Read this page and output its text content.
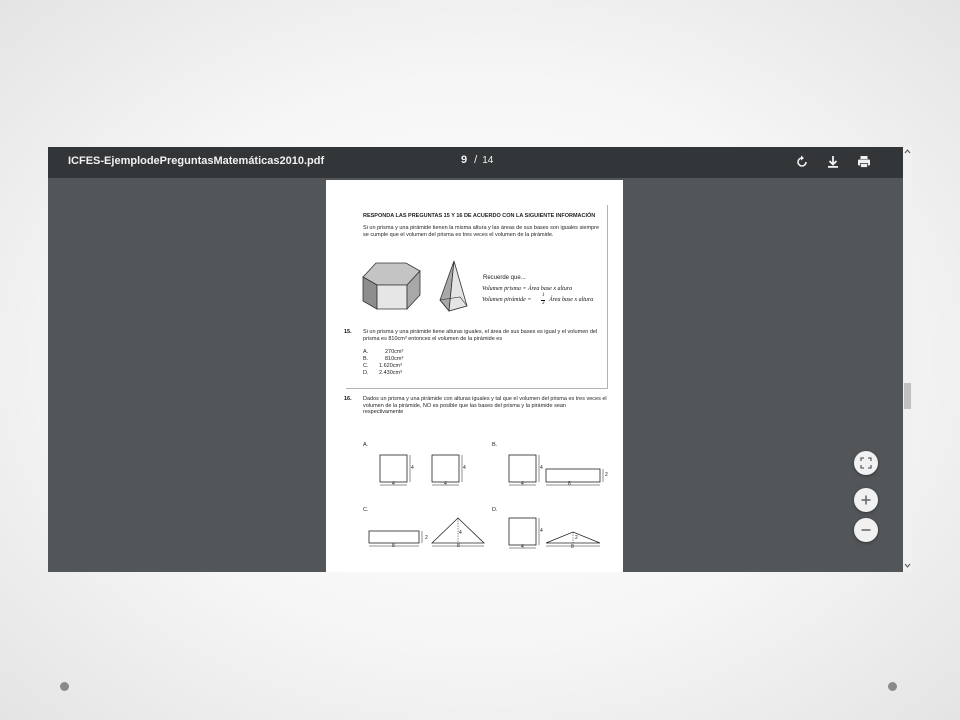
ICFES-EjemplodePreguntasMatemáticas2010.pdf	9 / 14
RESPONDA LAS PREGUNTAS 15 Y 16 DE ACUERDO CON LA SIGUIENTE INFORMACIÓN
Si un prisma y una pirámide tienen la misma altura y las áreas de sus bases son iguales siempre se cumple que el volumen del prisma es tres veces el volumen de la pirámide.
Recuerde que...
Volumen prisma = Área base x altura
Volumen pirámide =
1
3
Área base x altura
15. Si un prisma y una pirámide tiene alturas iguales, el área de sus bases es igual y el volumen del prisma es 810cm³ entonces el volumen de la pirámide es
A.	270cm³
B.	810cm³
C. 1.620cm³
D. 2.430cm³
16. Dados un prisma y una pirámide con alturas iguales y tal que el volumen del prisma es tres veces el volumen de la pirámide, NO es posible que las bases del prisma y la pirámide sean respectivamente
A.	B.
C.	D.
4
4
4
4
4
4
8
2
8
2
4
8	4
4
2
8
